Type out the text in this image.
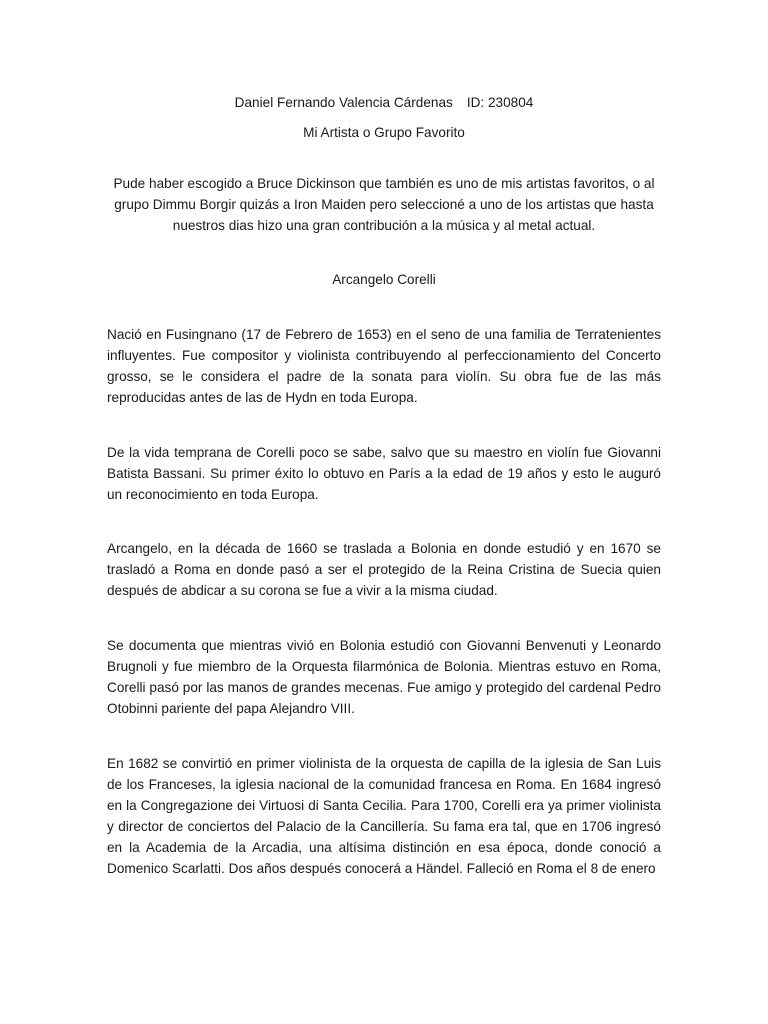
Daniel Fernando Valencia Cárdenas ID: 230804

Mi Artista o Grupo Favorito

Pude haber escogido a Bruce Dickinson que también es uno de mis artistas favoritos, o al grupo Dimmu Borgir quizás a Iron Maiden pero seleccioné a uno de los artistas que hasta nuestros dias hizo una gran contribución a la música y al metal actual.

Arcangelo Corelli

Nació en Fusingnano (17 de Febrero de 1653) en el seno de una familia de Terratenientes influyentes. Fue compositor y violinista contribuyendo al perfeccionamiento del Concerto grosso, se le considera el padre de la sonata para violín. Su obra fue de las más reproducidas antes de las de Hydn en toda Europa.

De la vida temprana de Corelli poco se sabe, salvo que su maestro en violín fue Giovanni Batista Bassani. Su primer éxito lo obtuvo en París a la edad de 19 años y esto le auguró un reconocimiento en toda Europa.

Arcangelo, en la década de 1660 se traslada a Bolonia en donde estudió y en 1670 se trasladó a Roma en donde pasó a ser el protegido de la Reina Cristina de Suecia quien después de abdicar a su corona se fue a vivir a la misma ciudad.

Se documenta que mientras vivió en Bolonia estudió con Giovanni Benvenuti y Leonardo Brugnoli y fue miembro de la Orquesta filarmónica de Bolonia. Mientras estuvo en Roma, Corelli pasó por las manos de grandes mecenas. Fue amigo y protegido del cardenal Pedro Otobinni pariente del papa Alejandro VIII.

En 1682 se convirtió en primer violinista de la orquesta de capilla de la iglesia de San Luis de los Franceses, la iglesia nacional de la comunidad francesa en Roma. En 1684 ingresó en la Congregazione dei Virtuosi di Santa Cecilia. Para 1700, Corelli era ya primer violinista y director de conciertos del Palacio de la Cancillería. Su fama era tal, que en 1706 ingresó en la Academia de la Arcadia, una altísima distinción en esa época, donde conoció a Domenico Scarlatti. Dos años después conocerá a Händel. Falleció en Roma el 8 de enero
